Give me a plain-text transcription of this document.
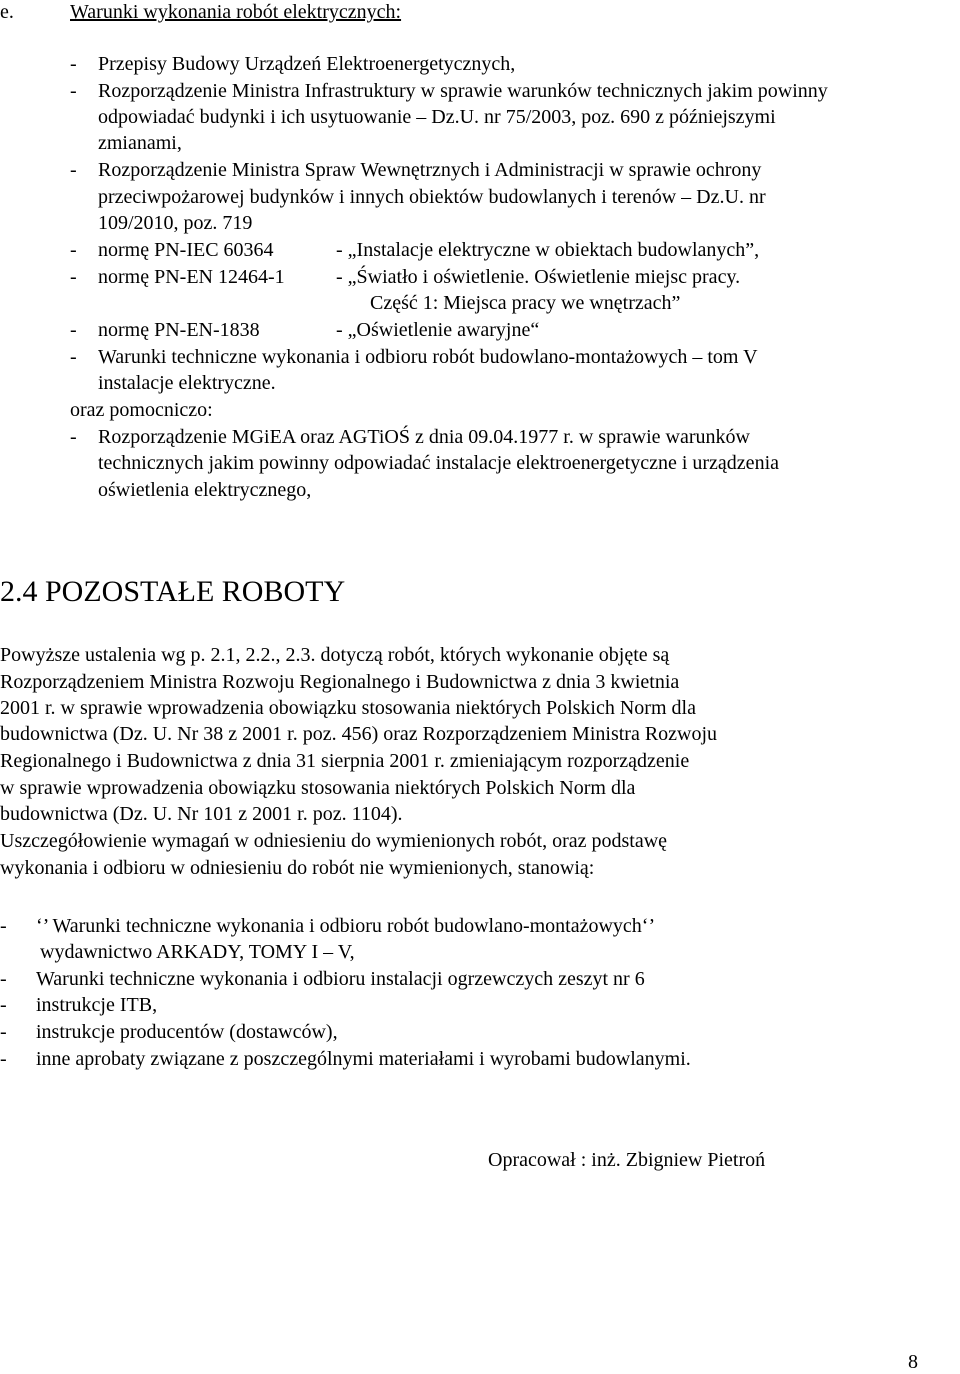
e.	Warunki wykonania robót elektrycznych:
- Przepisy Budowy Urządzeń Elektroenergetycznych,
- Rozporządzenie Ministra Infrastruktury w sprawie warunków technicznych jakim powinny
odpowiadać budynki i ich usytuowanie – Dz.U. nr 75/2003, poz. 690 z późniejszymi
zmianami,
- Rozporządzenie Ministra Spraw Wewnętrznych i Administracji w sprawie ochrony
przeciwpożarowej budynków i innych obiektów budowlanych i terenów – Dz.U. nr
109/2010, poz. 719
- normę PN-IEC 60364	- „Instalacje elektryczne w obiektach budowlanych”,
- normę PN-EN 12464-1	- „Światło i oświetlenie. Oświetlenie miejsc pracy.
Część 1: Miejsca pracy we wnętrzach”
- normę PN-EN-1838	- „Oświetlenie awaryjne“
- Warunki techniczne wykonania i odbioru robót budowlano-montażowych – tom V
instalacje elektryczne.
oraz pomocniczo:
- Rozporządzenie MGiEA oraz AGTiOŚ z dnia 09.04.1977 r. w sprawie warunków
technicznych jakim powinny odpowiadać instalacje elektroenergetyczne i urządzenia
oświetlenia elektrycznego,
2.4 POZOSTAŁE ROBOTY
Powyższe ustalenia wg p. 2.1, 2.2., 2.3. dotyczą robót, których wykonanie objęte są
Rozporządzeniem Ministra Rozwoju Regionalnego i Budownictwa z dnia 3 kwietnia
2001 r. w sprawie wprowadzenia obowiązku stosowania niektórych Polskich Norm dla
budownictwa (Dz. U. Nr 38 z 2001 r. poz. 456) oraz Rozporządzeniem Ministra Rozwoju
Regionalnego i Budownictwa z dnia 31 sierpnia 2001 r. zmieniającym rozporządzenie
w sprawie wprowadzenia obowiązku stosowania niektórych Polskich Norm dla
budownictwa (Dz. U. Nr 101 z 2001 r. poz. 1104).
Uszczegółowienie wymagań w odniesieniu do wymienionych robót, oraz podstawę
wykonania i odbioru w odniesieniu do robót nie wymienionych, stanowią:
- ‘’ Warunki techniczne wykonania i odbioru robót budowlano-montażowych‘’
wydawnictwo ARKADY, TOMY I – V,
- Warunki techniczne wykonania i odbioru instalacji ogrzewczych zeszyt nr 6
- instrukcje ITB,
- instrukcje producentów (dostawców),
- inne aprobaty związane z poszczególnymi materiałami i wyrobami budowlanymi.
Opracował : inż. Zbigniew Pietroń
8
